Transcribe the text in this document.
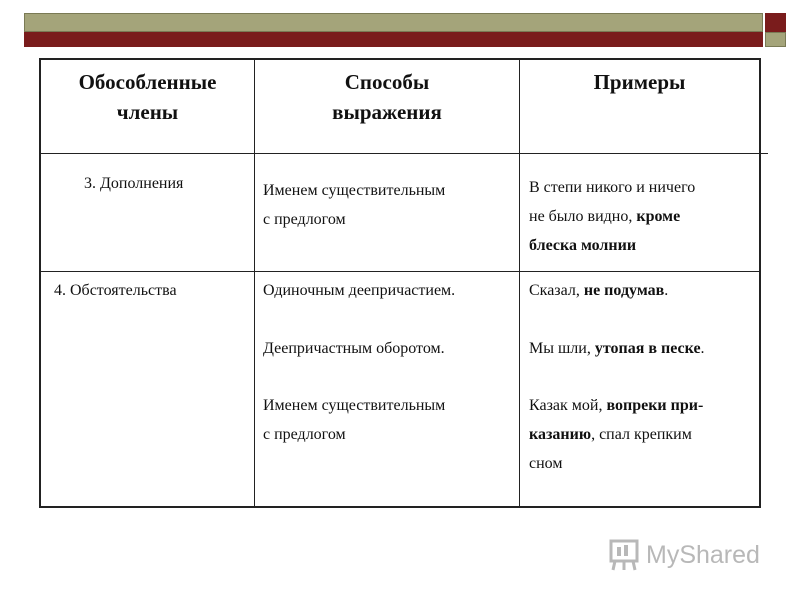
Обособленные
члены
Способы
выражения
Примеры
3. Дополнения	Именем существительным
с предлогом
В степи никого и ничего
не было видно, кроме
блеска молнии
4. Обстоятельства	Одиночным деепричастием.
Деепричастным оборотом.
Именем существительным
с предлогом
Сказал, не подумав.
Мы шли, утопая в песке.
Казак мой, вопреки при-
казанию, спал крепким
сном
MyShared
